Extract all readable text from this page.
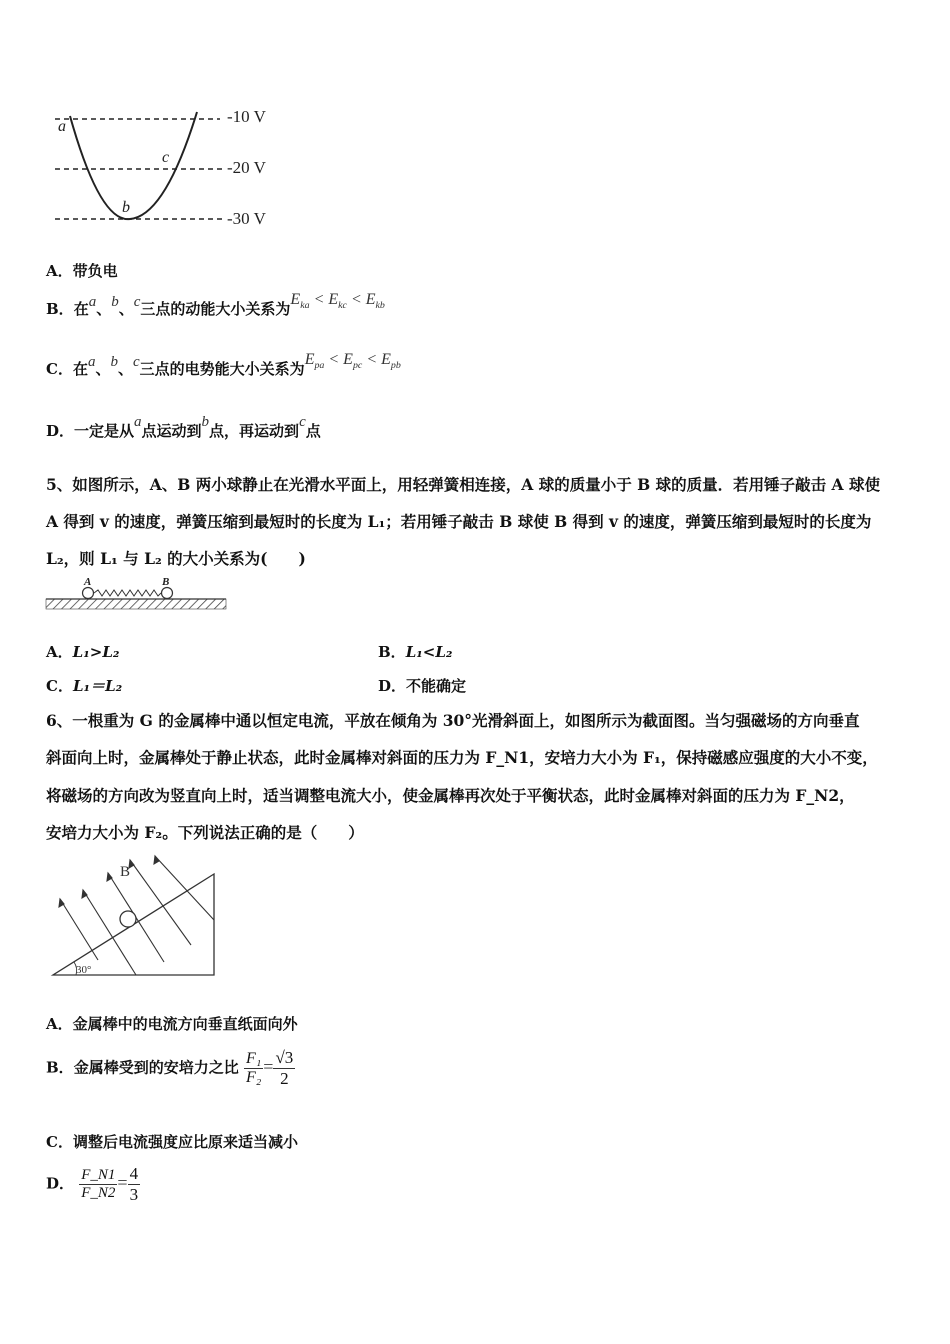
-10 V
-20 V
-30 V
a
b
c
A．带负电
B．在a、b、c三点的动能大小关系为$E_{ka} < E_{kc} < E_{kb}$
C．在a、b、c三点的电势能大小关系为$E_{pa} < E_{pc} < E_{pb}$
D．一定是从a点运动到b点，再运动到c点
5、如图所示，A、B 两小球静止在光滑水平面上，用轻弹簧相连接，A 球的质量小于 B 球的质量．若用锤子敲击 A 球使
A 得到 v 的速度，弹簧压缩到最短时的长度为 L₁；若用锤子敲击 B 球使 B 得到 v 的速度，弹簧压缩到最短时的长度为
L₂，则 L₁ 与 L₂ 的大小关系为(　　)
A	B
A．L₁>L₂	B．L₁<L₂
C．L₁＝L₂	D．不能确定
6、一根重为 G 的金属棒中通以恒定电流，平放在倾角为 30°光滑斜面上，如图所示为截面图。当匀强磁场的方向垂直
斜面向上时，金属棒处于静止状态，此时金属棒对斜面的压力为 F_N1，安培力大小为 F₁，保持磁感应强度的大小不变，
将磁场的方向改为竖直向上时，适当调整电流大小，使金属棒再次处于平衡状态，此时金属棒对斜面的压力为 F_N2，
安培力大小为 F₂。下列说法正确的是（　　）
B
30°
A．金属棒中的电流方向垂直纸面向外
B．金属棒受到的安培力之比 $\frac{\text{F₁}}{\text{F₂}} = \frac{√3}{2}$
C．调整后电流强度应比原来适当减小
D． $\frac{F\_N1}{F\_N2} = \frac{4}{3}$
